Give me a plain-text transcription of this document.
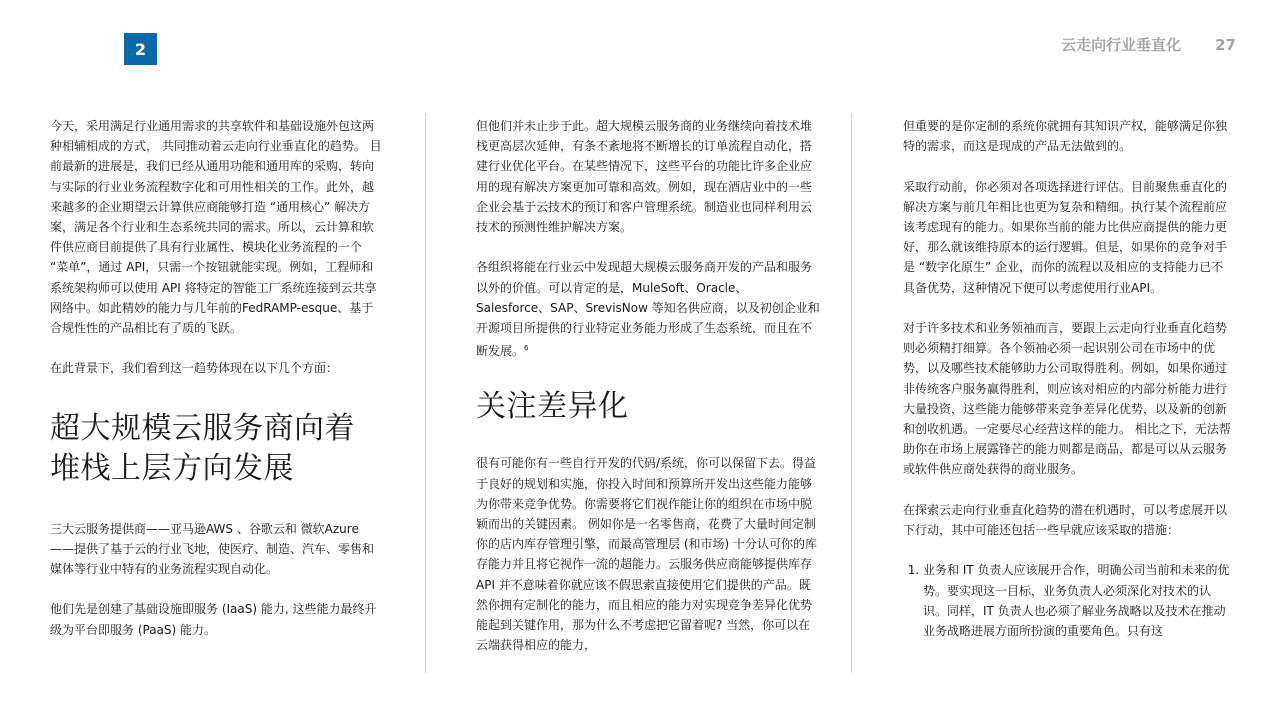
2	云走向行业垂直化 27

今天，采用满足行业通用需求的共享软件和基础设施外包这两种相辅相成的方式， 共同推动着云走向行业垂直化的趋势。 目前最新的进展是，我们已经从通用功能和通用库的采购，转向与实际的行业业务流程数字化和可用性相关的工作。此外，越来越多的企业期望云计算供应商能够打造 “通用核心” 解决方案，满足各个行业和生态系统共同的需求。所以，云计算和软件供应商目前提供了具有行业属性、模块化业务流程的一个 “菜单”，通过 API，只需一个按钮就能实现。例如，工程师和系统架构师可以使用 API 将特定的智能工厂系统连接到云共享网络中。如此精妙的能力与几年前的FedRAMP-esque、基于合规性性的产品相比有了质的飞跃。

在此背景下，我们看到这一趋势体现在以下几个方面：

超大规模云服务商向着堆栈上层方向发展

三大云服务提供商——亚马逊AWS 、谷歌云和 微软Azure——提供了基于云的行业飞地，使医疗、制造、汽车、零售和媒体等行业中特有的业务流程实现自动化。

他们先是创建了基础设施即服务 (IaaS) 能力, 这些能力最终升级为平台即服务 (PaaS) 能力。

但他们并未止步于此。超大规模云服务商的业务继续向着技术堆栈更高层次延伸，有条不紊地将不断增长的订单流程自动化，搭建行业优化平台。在某些情况下，这些平台的功能比许多企业应用的现有解决方案更加可靠和高效。例如，现在酒店业中的一些企业会基于云技术的预订和客户管理系统。制造业也同样利用云技术的预测性维护解决方案。

各组织将能在行业云中发现超大规模云服务商开发的产品和服务以外的价值。可以肯定的是，MuleSoft、Oracle、Salesforce、SAP、SrevisNow 等知名供应商，以及初创企业和开源项目所提供的行业特定业务能力形成了生态系统，而且在不断发展。$^6$

关注差异化

很有可能你有一些自行开发的代码/系统，你可以保留下去。得益于良好的规划和实施，你投入时间和预算所开发出这些能力能够为你带来竞争优势。你需要将它们视作能让你的组织在市场中脱颖而出的关键因素。 例如你是一名零售商，花费了大量时间定制你的店内库存管理引擎，而最高管理层 (和市场) 十分认可你的库存能力并且将它视作一流的超能力。云服务供应商能够提供库存 API 并不意味着你就应该不假思索直接使用它们提供的产品。既然你拥有定制化的能力，而且相应的能力对实现竞争差异化优势能起到关键作用，那为什么不考虑把它留着呢? 当然，你可以在云端获得相应的能力，

但重要的是你定制的系统你就拥有其知识产权，能够满足你独特的需求，而这是现成的产品无法做到的。

采取行动前，你必须对各项选择进行评估。目前聚焦垂直化的解决方案与前几年相比也更为复杂和精细。执行某个流程前应该考虑现有的能力。如果你当前的能力比供应商提供的能力更好，那么就该维持原本的运行逻辑。但是，如果你的竞争对手是 “数字化原生” 企业，而你的流程以及相应的支持能力已不具备优势，这种情况下便可以考虑使用行业API。

对于许多技术和业务领袖而言，要跟上云走向行业垂直化趋势则必须精打细算。各个领袖必须一起识别公司在市场中的优势，以及哪些技术能够助力公司取得胜利。例如，如果你通过非传统客户服务赢得胜利，则应该对相应的内部分析能力进行大量投资，这些能力能够带来竞争差异化优势，以及新的创新和创收机遇。一定要尽心经营这样的能力。 相比之下，无法帮助你在市场上展露锋芒的能力则都是商品，都是可以从云服务或软件供应商处获得的商业服务。

在探索云走向行业垂直化趋势的潜在机遇时，可以考虑展开以下行动，其中可能还包括一些早就应该采取的措施：

1. 业务和 IT 负责人应该展开合作，明确公司当前和未来的优势。要实现这一目标，业务负责人必须深化对技术的认识。同样，IT 负责人也必须了解业务战略以及技术在推动业务战略进展方面所扮演的重要角色。只有这
